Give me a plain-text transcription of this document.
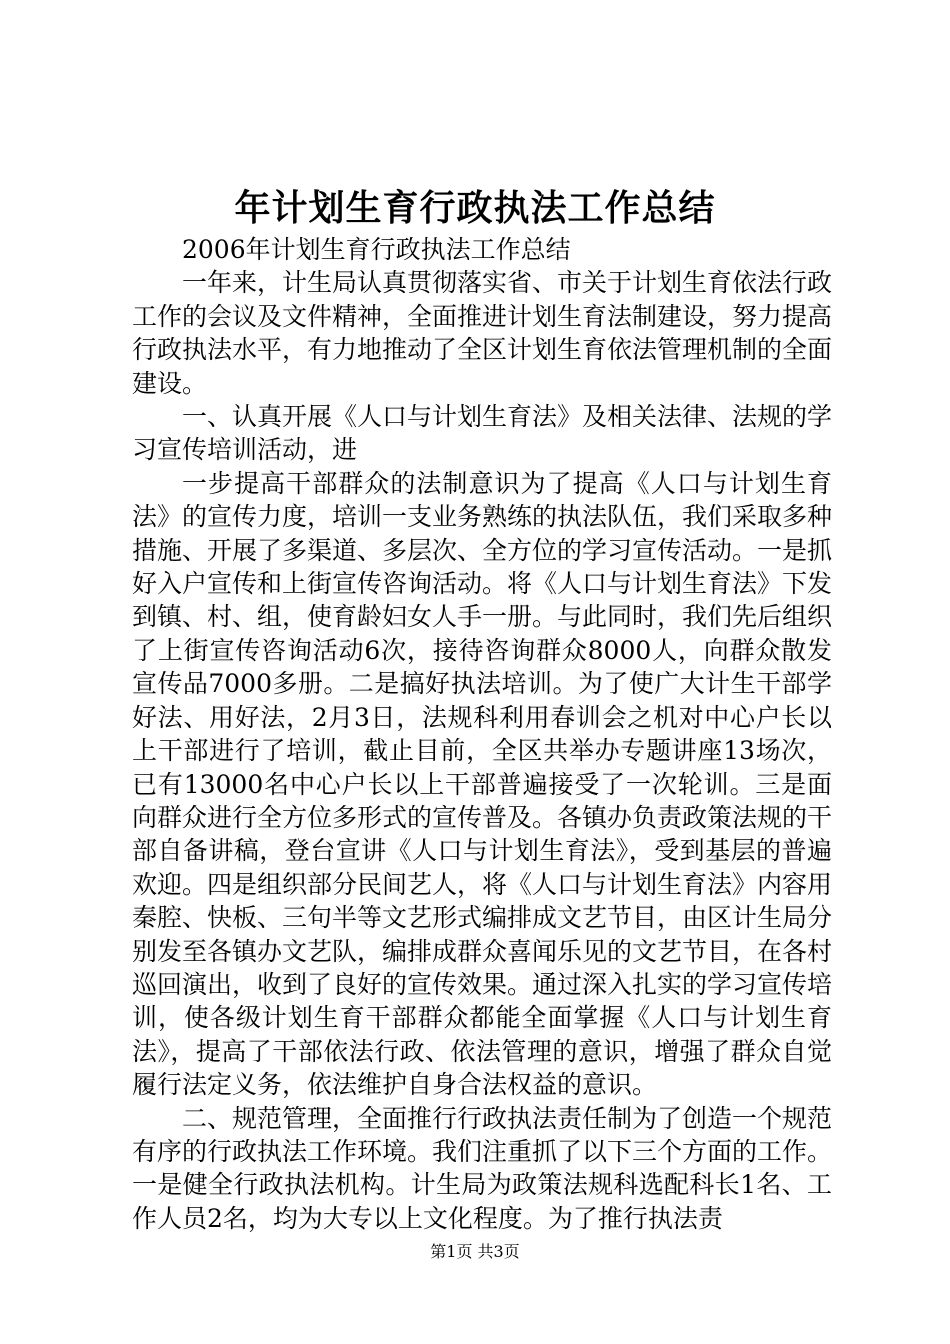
年计划生育行政执法工作总结

2006年计划生育行政执法工作总结

一年来，计生局认真贯彻落实省、市关于计划生育依法行政工作的会议及文件精神，全面推进计划生育法制建设，努力提高行政执法水平，有力地推动了全区计划生育依法管理机制的全面建设。

一、认真开展《人口与计划生育法》及相关法律、法规的学习宣传培训活动，进

一步提高干部群众的法制意识为了提高《人口与计划生育法》的宣传力度，培训一支业务熟练的执法队伍，我们采取多种措施、开展了多渠道、多层次、全方位的学习宣传活动。一是抓好入户宣传和上街宣传咨询活动。将《人口与计划生育法》下发到镇、村、组，使育龄妇女人手一册。与此同时，我们先后组织了上街宣传咨询活动6次，接待咨询群众8000人，向群众散发宣传品7000多册。二是搞好执法培训。为了使广大计生干部学好法、用好法，2月3日，法规科利用春训会之机对中心户长以上干部进行了培训，截止目前，全区共举办专题讲座13场次，已有13000名中心户长以上干部普遍接受了一次轮训。三是面向群众进行全方位多形式的宣传普及。各镇办负责政策法规的干部自备讲稿，登台宣讲《人口与计划生育法》，受到基层的普遍欢迎。四是组织部分民间艺人，将《人口与计划生育法》内容用秦腔、快板、三句半等文艺形式编排成文艺节目，由区计生局分别发至各镇办文艺队，编排成群众喜闻乐见的文艺节目，在各村巡回演出，收到了良好的宣传效果。通过深入扎实的学习宣传培训，使各级计划生育干部群众都能全面掌握《人口与计划生育法》，提高了干部依法行政、依法管理的意识，增强了群众自觉履行法定义务，依法维护自身合法权益的意识。

二、规范管理，全面推行行政执法责任制为了创造一个规范有序的行政执法工作环境。我们注重抓了以下三个方面的工作。一是健全行政执法机构。计生局为政策法规科选配科长1名、工作人员2名，均为大专以上文化程度。为了推行执法责

第1页 共3页
